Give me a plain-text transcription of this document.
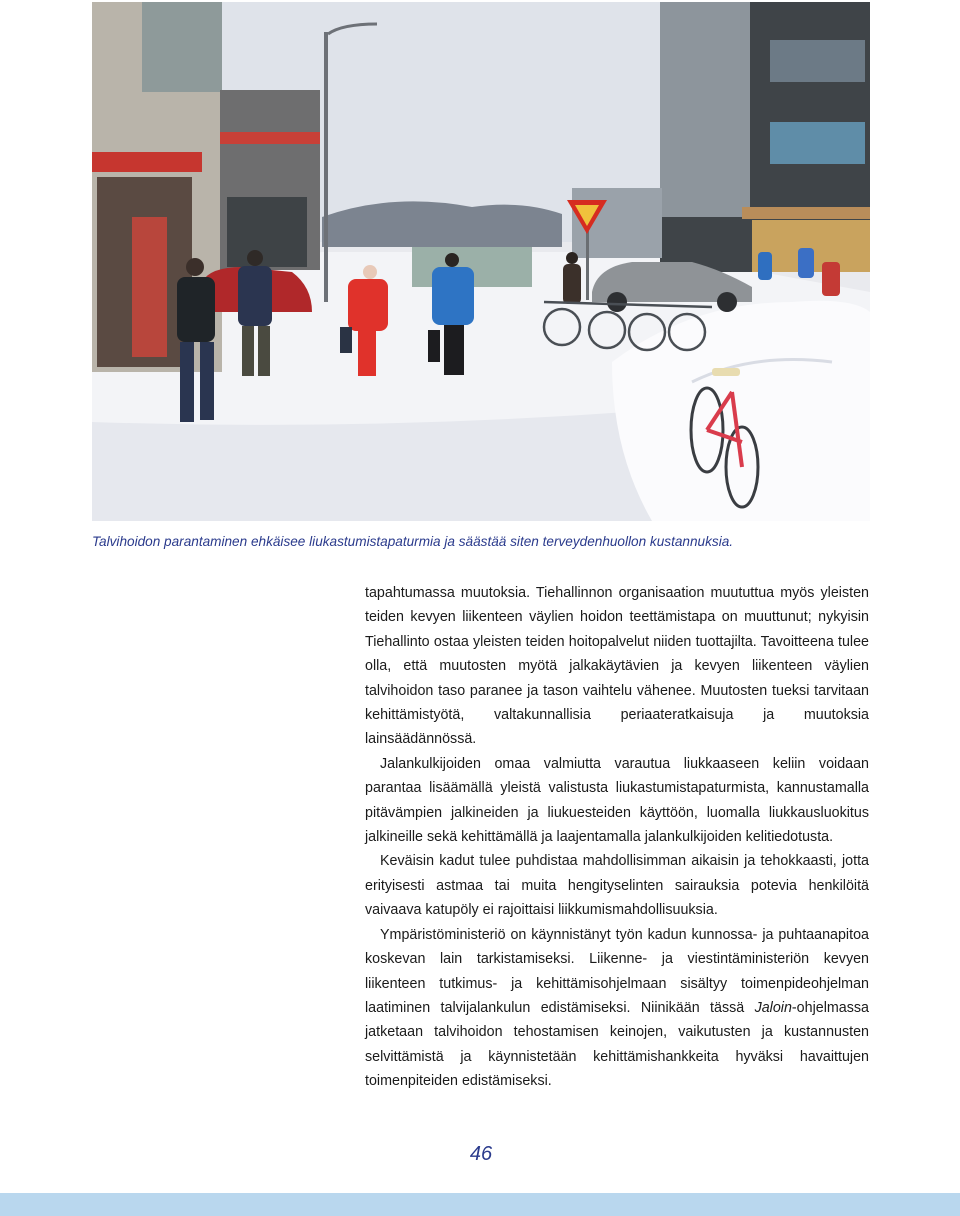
Talvihoidon parantaminen ehkäisee liukastumistapaturmia ja säästää siten terveydenhuollon kustannuksia.

tapahtumassa muutoksia. Tiehallinnon organisaation muututtua myös yleisten teiden kevyen liikenteen väylien hoidon teettämistapa on muuttunut; nykyisin Tiehallinto ostaa yleisten teiden hoitopalvelut niiden tuottajilta. Tavoitteena tulee olla, että muutosten myötä jalkakäytävien ja kevyen liikenteen väylien talvihoidon taso paranee ja tason vaihtelu vähenee. Muutosten tueksi tarvitaan kehittämistyötä, valtakunnallisia periaateratkaisuja ja muutoksia lainsäädännössä.

Jalankulkijoiden omaa valmiutta varautua liukkaaseen keliin voidaan parantaa lisäämällä yleistä valistusta liukastumistapaturmista, kannustamalla pitävämpien jalkineiden ja liukuesteiden käyttöön, luomalla liukkausluokitus jalkineille sekä kehittämällä ja laajentamalla jalankulkijoiden kelitiedotusta.

Keväisin kadut tulee puhdistaa mahdollisimman aikaisin ja tehokkaasti, jotta erityisesti astmaa tai muita hengityselinten sairauksia potevia henkilöitä vaivaava katupöly ei rajoittaisi liikkumismahdollisuuksia.

Ympäristöministeriö on käynnistänyt työn kadun kunnossa- ja puhtaanapitoa koskevan lain tarkistamiseksi. Liikenne- ja viestintäministeriön kevyen liikenteen tutkimus- ja kehittämisohjelmaan sisältyy toimenpideohjelman laatiminen talvijalankulun edistämiseksi. Niinikään tässä Jaloin-ohjelmassa jatketaan talvihoidon tehostamisen keinojen, vaikutusten ja kustannusten selvittämistä ja käynnistetään kehittämishankkeita hyväksi havaittujen toimenpiteiden edistämiseksi.

46
